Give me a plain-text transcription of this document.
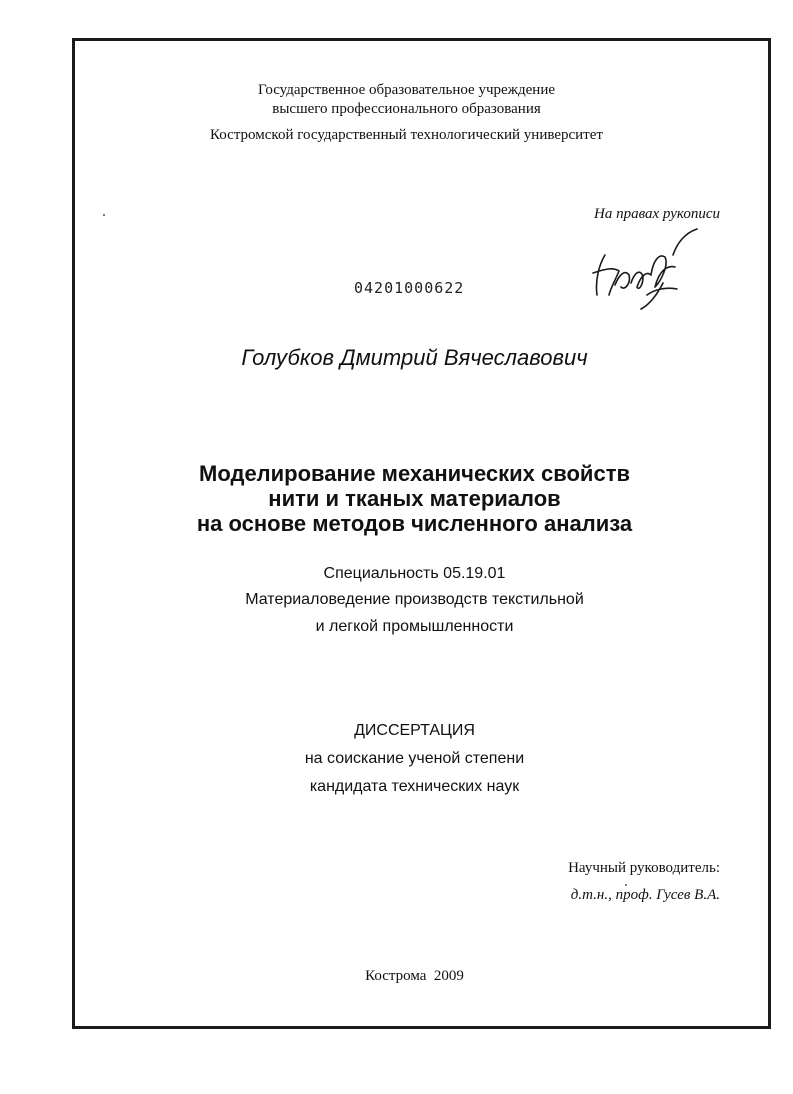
Государственное образовательное учреждение
высшего профессионального образования
Костромской государственный технологический университет
На правах рукописи
04201000622
Голубков Дмитрий Вячеславович
Моделирование механических свойств
нити и тканых материалов
на основе методов численного анализа
Специальность 05.19.01
Материаловедение производств текстильной
и легкой промышленности
ДИССЕРТАЦИЯ
на соискание ученой степени
кандидата технических наук
Научный руководитель:
д.т.н., проф. Гусев В.А.
Кострома  2009
